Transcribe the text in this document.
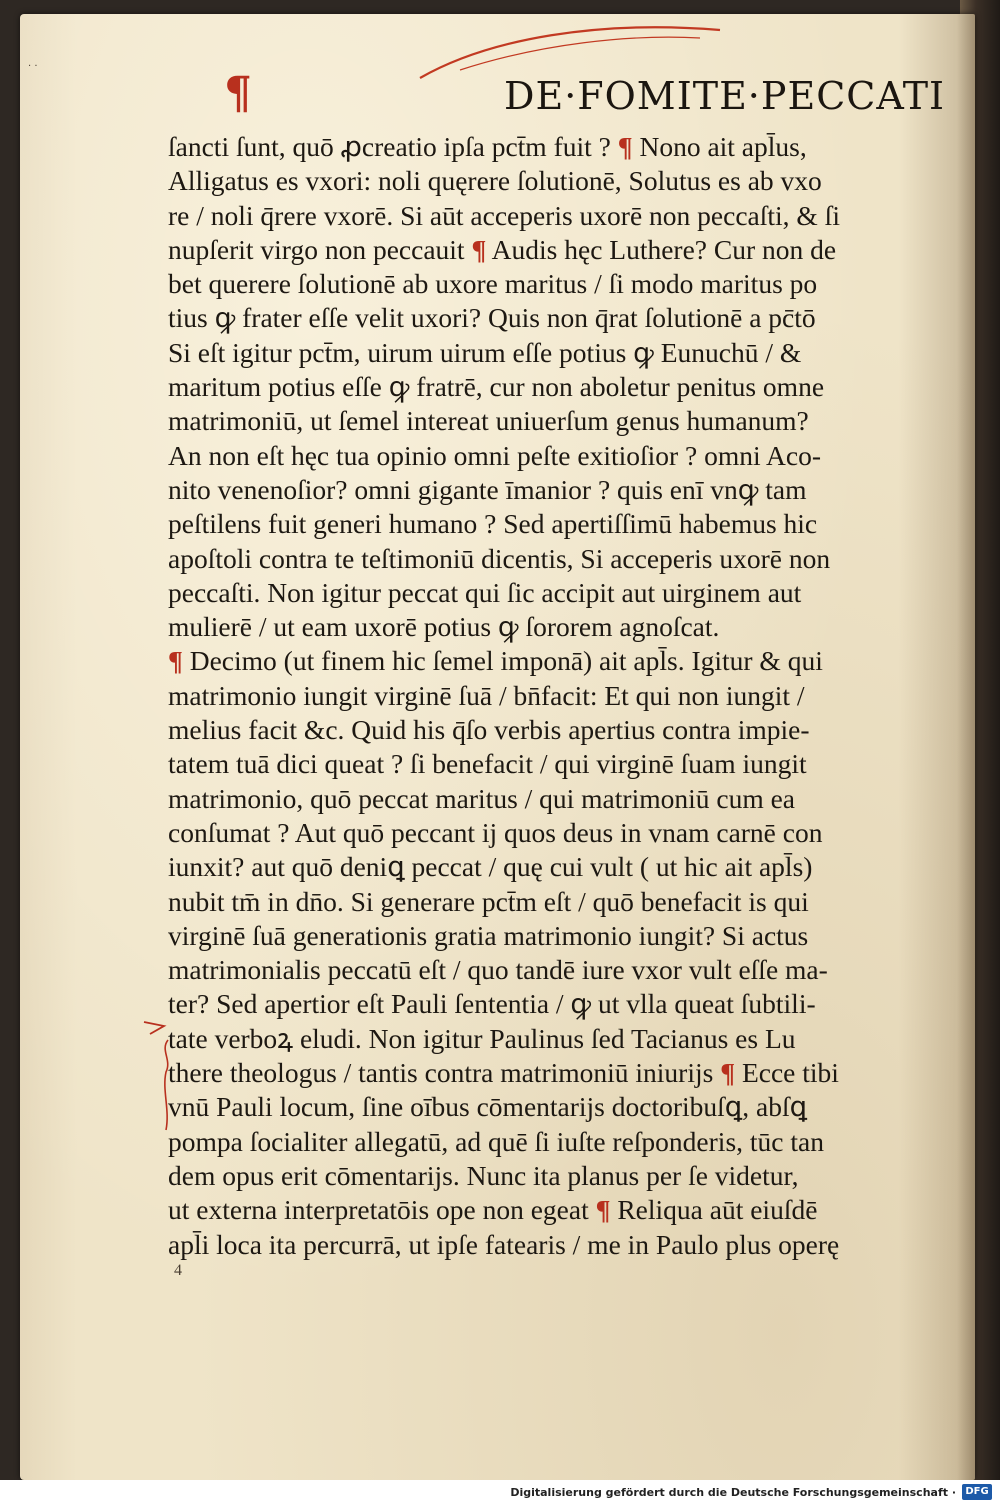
. .
¶	DE·FOMITE·PECCATI
ſancti ſunt, quō ꝓcreatio ipſa pct̄m fuit ? ¶ Nono ait apl̄us,
Alligatus es vxori: noli quęrere ſolutionē, Solutus es ab vxo
re / noli q̄rere vxorē. Si aūt acceperis uxorē non peccaſti, & ſi
nupſerit virgo non peccauit ¶ Audis hęc Luthere? Cur non de
bet querere ſolutionē ab uxore maritus / ſi modo maritus po
tius ꝙ frater eſſe velit uxori? Quis non q̄rat ſolutionē a pc̄tō
Si eſt igitur pct̄m, uirum uirum eſſe potius ꝙ Eunuchū / &
maritum potius eſſe ꝙ fratrē, cur non aboletur penitus omne
matrimoniū, ut ſemel intereat uniuerſum genus humanum?
An non eſt hęc tua opinio omni peſte exitioſior ? omni Aco-
nito venenoſior? omni gigante īmanior ? quis enī vnꝙ tam
peſtilens fuit generi humano ? Sed apertiſſimū habemus hic
apoſtoli contra te teſtimoniū dicentis, Si acceperis uxorē non
peccaſti. Non igitur peccat qui ſic accipit aut uirginem aut
mulierē / ut eam uxorē potius ꝙ ſororem agnoſcat.
¶ Decimo (ut finem hic ſemel imponā) ait apl̄s. Igitur & qui
matrimonio iungit virginē ſuā / bn̄facit: Et qui non iungit /
melius facit &c. Quid his q̄ſo verbis apertius contra impie-
tatem tuā dici queat ? ſi benefacit / qui virginē ſuam iungit
matrimonio, quō peccat maritus / qui matrimoniū cum ea
conſumat ? Aut quō peccant ij quos deus in vnam carnē con
iunxit? aut quō deniꝗ peccat / quę cui vult ( ut hic ait apl̄s)
nubit tm̄ in dn̄o. Si generare pct̄m eſt / quō benefacit is qui
virginē ſuā generationis gratia matrimonio iungit? Si actus
matrimonialis peccatū eſt / quo tandē iure vxor vult eſſe ma-
ter? Sed apertior eſt Pauli ſententia / ꝙ ut vlla queat ſubtili-
tate verboꝝ eludi. Non igitur Paulinus ſed Tacianus es Lu
there theologus / tantis contra matrimoniū iniurijs ¶ Ecce tibi
vnū Pauli locum, ſine oībus cōmentarijs doctoribuſꝗ, abſꝗ
pompa ſocialiter allegatū, ad quē ſi iuſte reſponderis, tūc tan
dem opus erit cōmentarijs. Nunc ita planus per ſe videtur,
ut externa interpretatōis ope non egeat ¶ Reliqua aūt eiuſdē
apl̄i loca ita percurrā, ut ipſe fatearis / me in Paulo plus operę
4
Digitalisierung gefördert durch die Deutsche Forschungsgemeinschaft · DFG
